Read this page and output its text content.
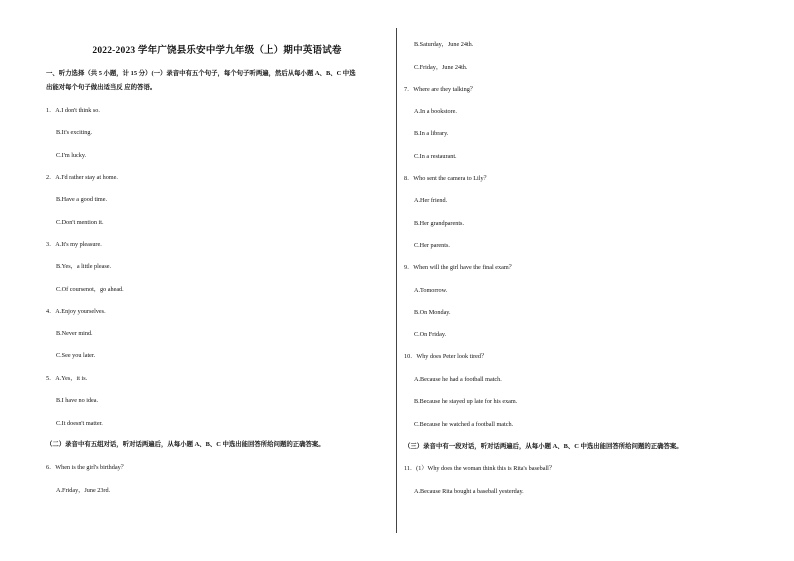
2022-2023 学年广饶县乐安中学九年级（上）期中英语试卷
一、听力选择（共 5 小题，计 15 分）(一）录音中有五个句子，每个句子听两遍，然后从每小题 A、B、C 中选
出能对每个句子做出适当反 应的答语。
1．A.I don't think so.
B.It's exciting.
C.I'm lucky.
2．A.I'd rather stay at home.
B.Have a good time.
C.Don't mention it.
3．A.It's my pleasure.
B.Yes，a little please.
C.Of coursenot，go ahead.
4．A.Enjoy yourselves.
B.Never mind.
C.See you later.
5．A.Yes，it is.
B.I have no idea.
C.It doesn't matter.
（二）录音中有五组对话，听对话两遍后，从每小题 A、B、C 中选出能回答所给问题的正确答案。
6．When is the girl's birthday？
A.Friday，June 23rd.
B.Saturday，June 24th.
C.Friday，June 24th.
7．Where are they talking？
A.In a bookstore.
B.In a library.
C.In a restaurant.
8．Who sent the camera to Lily？
A.Her friend.
B.Her grandparents.
C.Her parents.
9．When will the girl have the final exam？
A.Tomorrow.
B.On Monday.
C.On Friday.
10．Why does Peter look tired？
A.Because he had a football match.
B.Because he stayed up late for his exam.
C.Because he watched a football match.
（三）录音中有一段对话，听对话两遍后，从每小题 A、B、C 中选出能回答所给问题的正确答案。
11．(1）Why does the woman think this is Rita's baseball？
A.Because Rita bought a baseball yesterday.
